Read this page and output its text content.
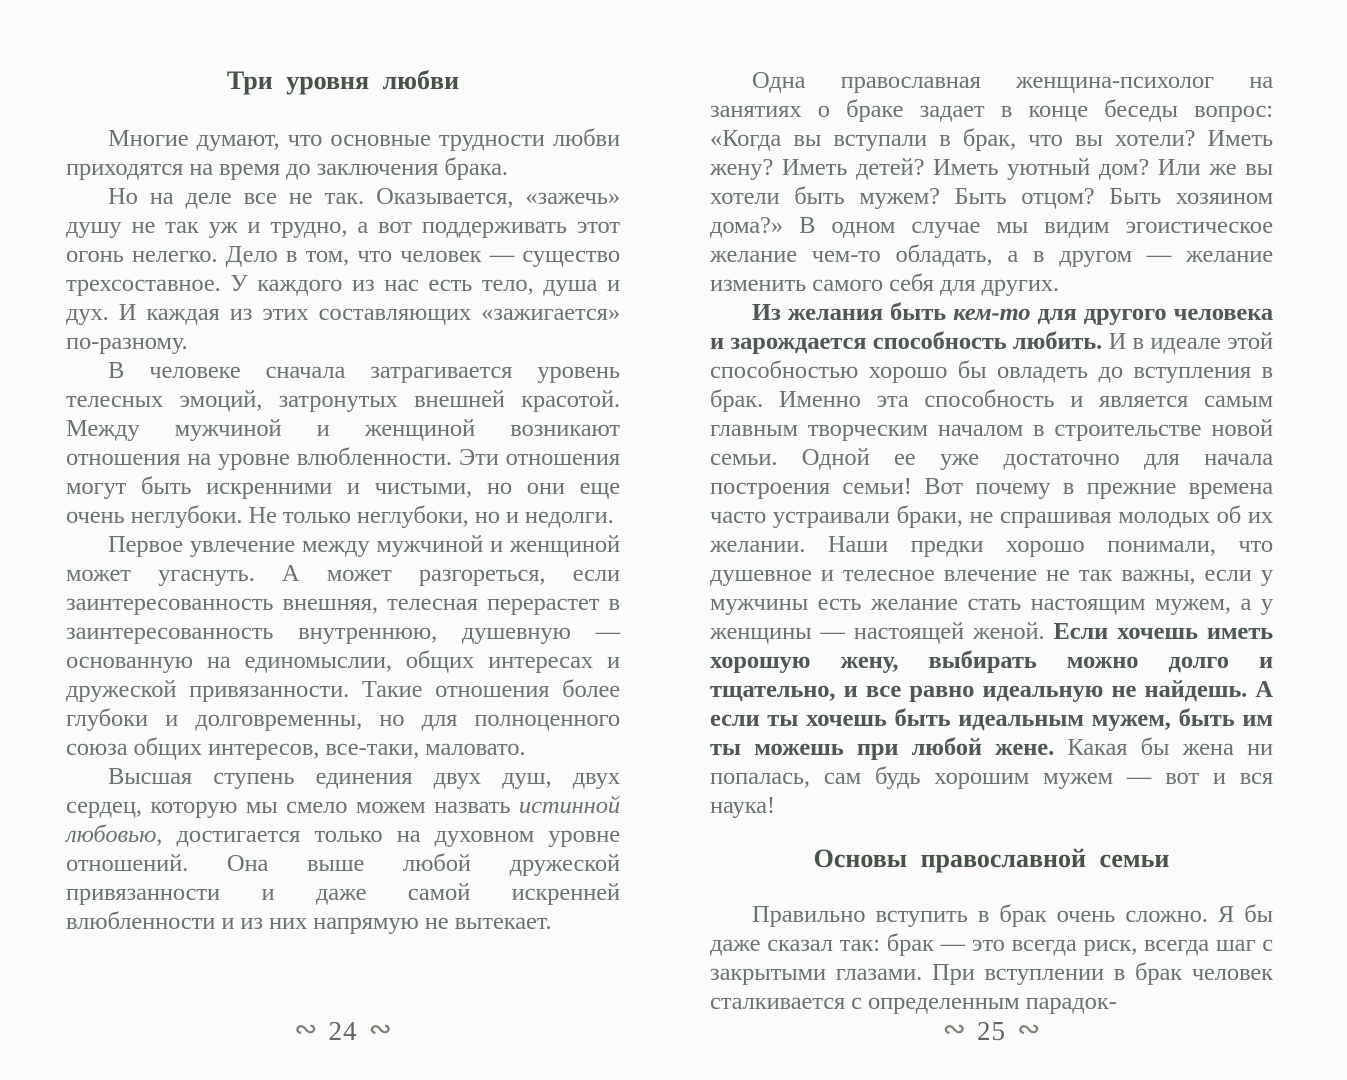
Три уровня любви

Многие думают, что основные трудности любви приходятся на время до заключения брака.

Но на деле все не так. Оказывается, «зажечь» душу не так уж и трудно, а вот поддерживать этот огонь нелегко. Дело в том, что человек — существо трехсоставное. У каждого из нас есть тело, душа и дух. И каждая из этих составляющих «зажигается» по-разному.

В человеке сначала затрагивается уровень телесных эмоций, затронутых внешней красотой. Между мужчиной и женщиной возникают отношения на уровне влюбленности. Эти отношения могут быть искренними и чистыми, но они еще очень неглубоки. Не только неглубоки, но и недолги.

Первое увлечение между мужчиной и женщиной может угаснуть. А может разгореться, если заинтересованность внешняя, телесная перерастет в заинтересованность внутреннюю, душевную — основанную на единомыслии, общих интересах и дружеской привязанности. Такие отношения более глубоки и долговременны, но для полноценного союза общих интересов, все-таки, маловато.

Высшая ступень единения двух душ, двух сердец, которую мы смело можем назвать истинной любовью, достигается только на духовном уровне отношений. Она выше любой дружеской привязанности и даже самой искренней влюбленности и из них напрямую не вытекает.

∾ 24 ∾

Одна православная женщина-психолог на занятиях о браке задает в конце беседы вопрос: «Когда вы вступали в брак, что вы хотели? Иметь жену? Иметь детей? Иметь уютный дом? Или же вы хотели быть мужем? Быть отцом? Быть хозяином дома?» В одном случае мы видим эгоистическое желание чем-то обладать, а в другом — желание изменить самого себя для других.

Из желания быть кем-то для другого человека и зарождается способность любить. И в идеале этой способностью хорошо бы овладеть до вступления в брак. Именно эта способность и является самым главным творческим началом в строительстве новой семьи. Одной ее уже достаточно для начала построения семьи! Вот почему в прежние времена часто устраивали браки, не спрашивая молодых об их желании. Наши предки хорошо понимали, что душевное и телесное влечение не так важны, если у мужчины есть желание стать настоящим мужем, а у женщины — настоящей женой. Если хочешь иметь хорошую жену, выбирать можно долго и тщательно, и все равно идеальную не найдешь. А если ты хочешь быть идеальным мужем, быть им ты можешь при любой жене. Какая бы жена ни попалась, сам будь хорошим мужем — вот и вся наука!

Основы православной семьи

Правильно вступить в брак очень сложно. Я бы даже сказал так: брак — это всегда риск, всегда шаг с закрытыми глазами. При вступлении в брак человек сталкивается с определенным парадок-

∾ 25 ∾
